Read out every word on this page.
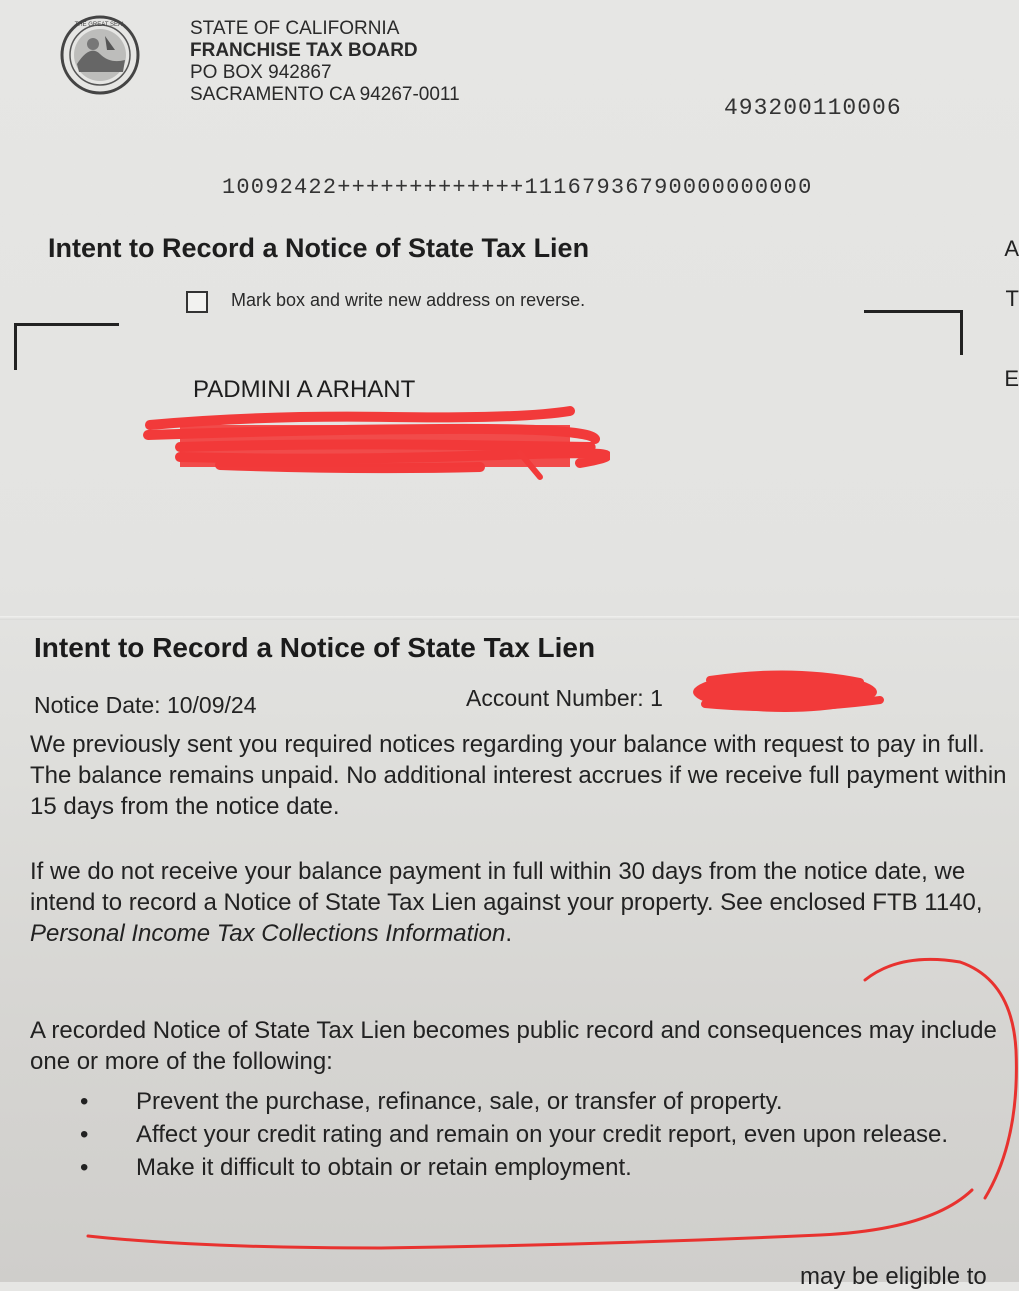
THE GREAT SEAL	STATE OF CALIFORNIA
FRANCHISE TAX BOARD
PO BOX 942867
SACRAMENTO CA 94267-0011
493200110006
10092422+++++++++++++11167936790000000000
Intent to Record a Notice of State Tax Lien
Mark box and write new address on reverse.
A
T
E
PADMINI A ARHANT
Intent to Record a Notice of State Tax Lien
Notice Date: 10/09/24	Account Number: 1

We previously sent you required notices regarding your balance with request to pay in full. The balance remains unpaid. No additional interest accrues if we receive full payment within 15 days from the notice date.

If we do not receive your balance payment in full within 30 days from the notice date, we intend to record a Notice of State Tax Lien against your property. See enclosed FTB 1140, Personal Income Tax Collections Information.

A recorded Notice of State Tax Lien becomes public record and consequences may include one or more of the following:

• Prevent the purchase, refinance, sale, or transfer of property.
• Affect your credit rating and remain on your credit report, even upon release.
• Make it difficult to obtain or retain employment.
may be eligible to
